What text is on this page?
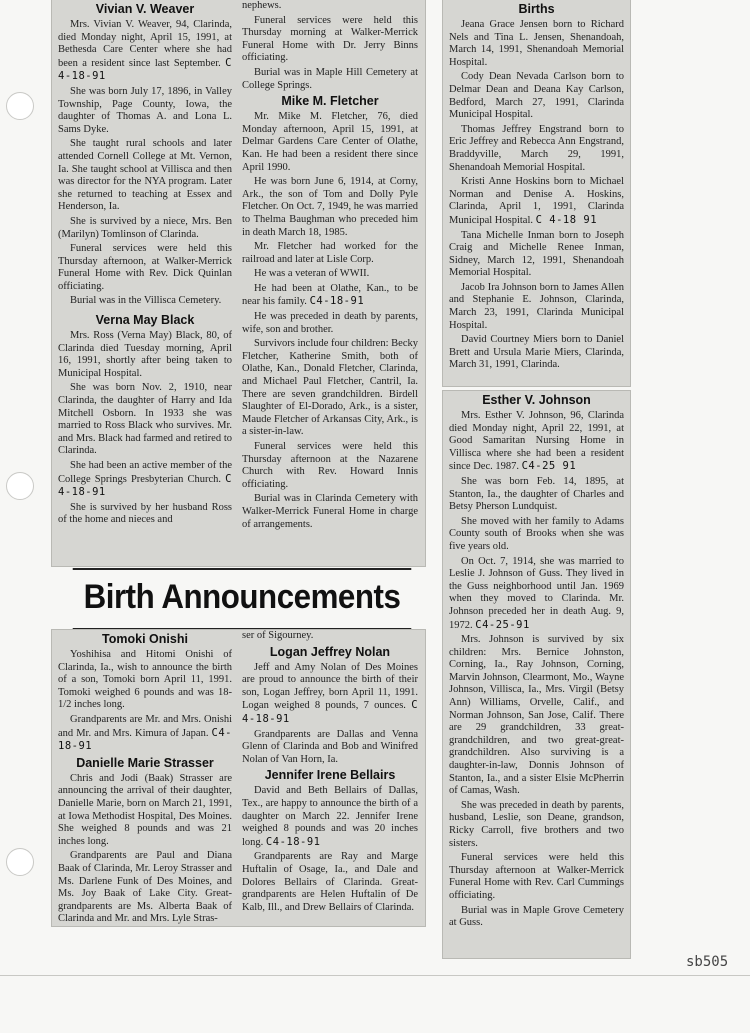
Vivian V. Weaver

Mrs. Vivian V. Weaver, 94, Clarinda, died Monday night, April 15, 1991, at Bethesda Care Center where she had been a resident since last September. C 4-18-91

She was born July 17, 1896, in Valley Township, Page County, Iowa, the daughter of Thomas A. and Lona L. Sams Dyke.

She taught rural schools and later attended Cornell College at Mt. Vernon, Ia. She taught school at Villisca and then was director for the NYA program. Later she returned to teaching at Essex and Henderson, Ia.

She is survived by a niece, Mrs. Ben (Marilyn) Tomlinson of Clarinda.

Funeral services were held this Thursday afternoon, at Walker-Merrick Funeral Home with Rev. Dick Quinlan officiating.

Burial was in the Villisca Cemetery.

Verna May Black

Mrs. Ross (Verna May) Black, 80, of Clarinda died Tuesday morning, April 16, 1991, shortly after being taken to Municipal Hospital.

She was born Nov. 2, 1910, near Clarinda, the daughter of Harry and Ida Mitchell Osborn. In 1933 she was married to Ross Black who survives. Mr. and Mrs. Black had farmed and retired to Clarinda.

She had been an active member of the College Springs Presbyterian Church. C 4-18-91

She is survived by her husband Ross of the home and nieces and

nephews.

Funeral services were held this Thursday morning at Walker-Merrick Funeral Home with Dr. Jerry Binns officiating.

Burial was in Maple Hill Cemetery at College Springs.

Mike M. Fletcher

Mr. Mike M. Fletcher, 76, died Monday afternoon, April 15, 1991, at Delmar Gardens Care Center of Olathe, Kan. He had been a resident there since April 1990.

He was born June 6, 1914, at Corny, Ark., the son of Tom and Dolly Pyle Fletcher. On Oct. 7, 1949, he was married to Thelma Baughman who preceded him in death March 18, 1985.

Mr. Fletcher had worked for the railroad and later at Lisle Corp.

He was a veteran of WWII.

He had been at Olathe, Kan., to be near his family. C4-18-91

He was preceded in death by parents, wife, son and brother.

Survivors include four children: Becky Fletcher, Katherine Smith, both of Olathe, Kan., Donald Fletcher, Clarinda, and Michael Paul Fletcher, Cantril, Ia. There are seven grandchildren. Birdell Slaughter of El-Dorado, Ark., is a sister, Maude Fletcher of Arkansas City, Ark., is a sister-in-law.

Funeral services were held this Thursday afternoon at the Nazarene Church with Rev. Howard Innis officiating.

Burial was in Clarinda Cemetery with Walker-Merrick Funeral Home in charge of arrangements.

Births

Jeana Grace Jensen born to Richard Nels and Tina L. Jensen, Shenandoah, March 14, 1991, Shenandoah Memorial Hospital.

Cody Dean Nevada Carlson born to Delmar Dean and Deana Kay Carlson, Bedford, March 27, 1991, Clarinda Municipal Hospital.

Thomas Jeffrey Engstrand born to Eric Jeffrey and Rebecca Ann Engstrand, Braddyville, March 29, 1991, Shenandoah Memorial Hospital.

Kristi Anne Hoskins born to Michael Norman and Denise A. Hoskins, Clarinda, April 1, 1991, Clarinda Municipal Hospital. C 4-18 91

Tana Michelle Inman born to Joseph Craig and Michelle Renee Inman, Sidney, March 12, 1991, Shenandoah Memorial Hospital.

Jacob Ira Johnson born to James Allen and Stephanie E. Johnson, Clarinda, March 23, 1991, Clarinda Municipal Hospital.

David Courtney Miers born to Daniel Brett and Ursula Marie Miers, Clarinda, March 31, 1991, Clarinda.

Esther V. Johnson

Mrs. Esther V. Johnson, 96, Clarinda died Monday night, April 22, 1991, at Good Samaritan Nursing Home in Villisca where she had been a resident since Dec. 1987. C4-25 91

She was born Feb. 14, 1895, at Stanton, Ia., the daughter of Charles and Betsy Pherson Lundquist.

She moved with her family to Adams County south of Brooks when she was five years old.

On Oct. 7, 1914, she was married to Leslie J. Johnson of Guss. They lived in the Guss neighborhood until Jan. 1969 when they moved to Clarinda. Mr. Johnson preceded her in death Aug. 9, 1972. C4-25-91

Mrs. Johnson is survived by six children: Mrs. Bernice Johnston, Corning, Ia., Ray Johnson, Corning, Marvin Johnson, Clearmont, Mo., Wayne Johnson, Villisca, Ia., Mrs. Virgil (Betsy Ann) Williams, Orvelle, Calif., and Norman Johnson, San Jose, Calif. There are 29 grandchildren, 33 great-grandchildren, and two great-great-grandchildren. Also surviving is a daughter-in-law, Donnis Johnson of Stanton, Ia., and a sister Elsie McPherrin of Camas, Wash.

She was preceded in death by parents, husband, Leslie, son Deane, grandson, Ricky Carroll, five brothers and two sisters.

Funeral services were held this Thursday afternoon at Walker-Merrick Funeral Home with Rev. Carl Cummings officiating.

Burial was in Maple Grove Cemetery at Guss.

Birth Announcements
Tomoki Onishi

Yoshihisa and Hitomi Onishi of Clarinda, Ia., wish to announce the birth of a son, Tomoki born April 11, 1991. Tomoki weighed 6 pounds and was 18-1/2 inches long.

Grandparents are Mr. and Mrs. Onishi and Mr. and Mrs. Kimura of Japan. C4-18-91

Danielle Marie Strasser

Chris and Jodi (Baak) Strasser are announcing the arrival of their daughter, Danielle Marie, born on March 21, 1991, at Iowa Methodist Hospital, Des Moines. She weighed 8 pounds and was 21 inches long.

Grandparents are Paul and Diana Baak of Clarinda, Mr. Leroy Strasser and Ms. Darlene Funk of Des Moines, and Ms. Joy Baak of Lake City. Great-grandparents are Ms. Alberta Baak of Clarinda and Mr. and Mrs. Lyle Stras-

ser of Sigourney.

Logan Jeffrey Nolan

Jeff and Amy Nolan of Des Moines are proud to announce the birth of their son, Logan Jeffrey, born April 11, 1991. Logan weighed 8 pounds, 7 ounces. C 4-18-91

Grandparents are Dallas and Venna Glenn of Clarinda and Bob and Winifred Nolan of Van Horn, Ia.

Jennifer Irene Bellairs

David and Beth Bellairs of Dallas, Tex., are happy to announce the birth of a daughter on March 22. Jennifer Irene weighed 8 pounds and was 20 inches long. C4-18-91

Grandparents are Ray and Marge Huftalin of Osage, Ia., and Dale and Dolores Bellairs of Clarinda. Great-grandparents are Helen Huftalin of De Kalb, Ill., and Drew Bellairs of Clarinda.

sb505
